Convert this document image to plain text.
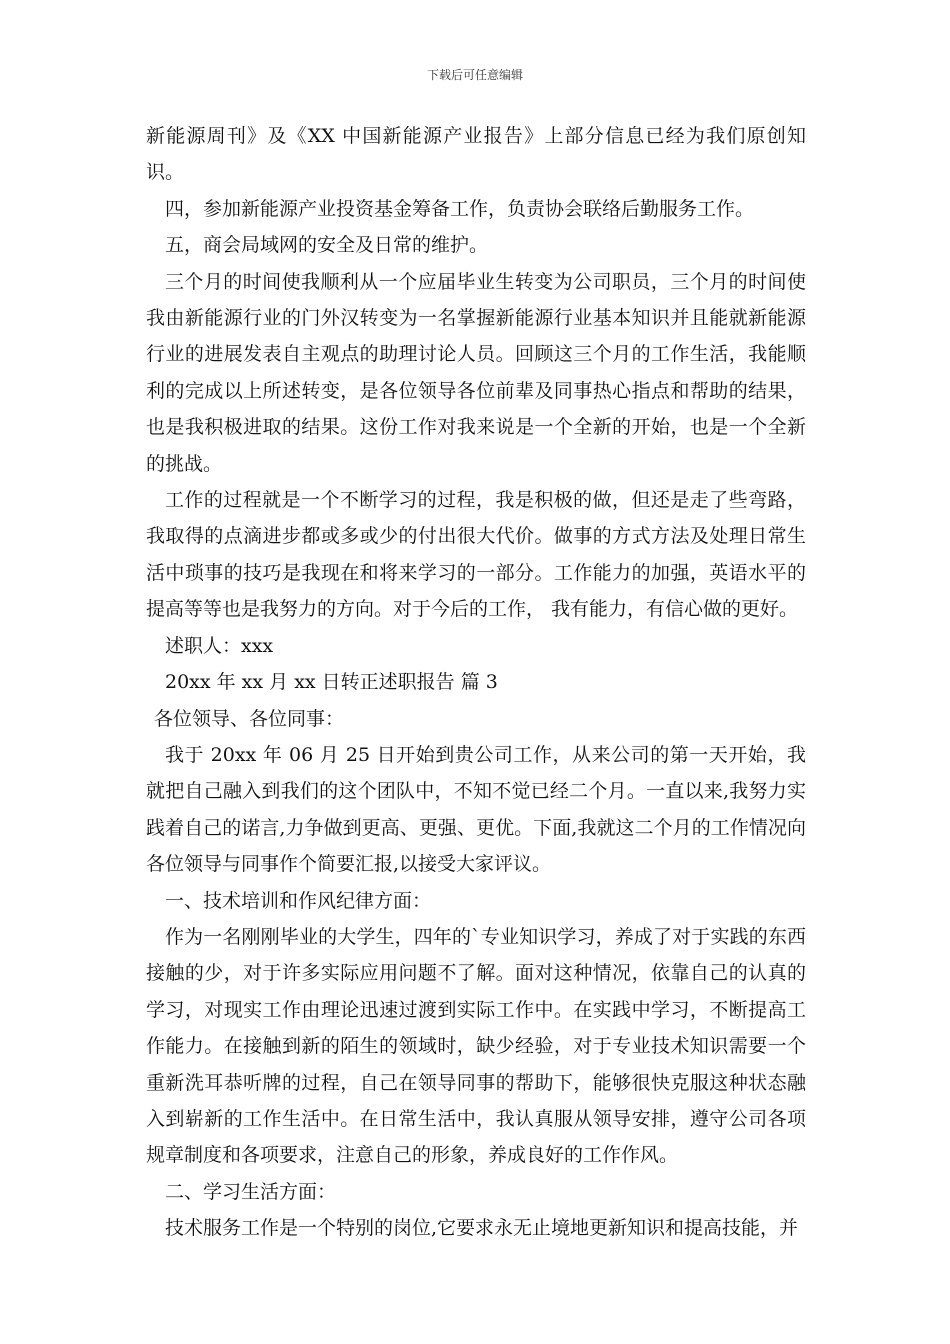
下载后可任意编辑

新能源周刊》及《XX 中国新能源产业报告》上部分信息已经为我们原创知识。

四，参加新能源产业投资基金筹备工作，负责协会联络后勤服务工作。

五，商会局域网的安全及日常的维护。

三个月的时间使我顺利从一个应届毕业生转变为公司职员，三个月的时间使我由新能源行业的门外汉转变为一名掌握新能源行业基本知识并且能就新能源行业的进展发表自主观点的助理讨论人员。回顾这三个月的工作生活，我能顺利的完成以上所述转变，是各位领导各位前辈及同事热心指点和帮助的结果，也是我积极进取的结果。这份工作对我来说是一个全新的开始，也是一个全新的挑战。

工作的过程就是一个不断学习的过程，我是积极的做，但还是走了些弯路，我取得的点滴进步都或多或少的付出很大代价。做事的方式方法及处理日常生活中琐事的技巧是我现在和将来学习的一部分。工作能力的加强，英语水平的提高等等也是我努力的方向。对于今后的工作， 我有能力，有信心做的更好。

述职人：xxx

20xx 年 xx 月 xx 日转正述职报告 篇 3

各位领导、各位同事：

我于 20xx 年 06 月 25 日开始到贵公司工作，从来公司的第一天开始，我就把自己融入到我们的这个团队中，不知不觉已经二个月。一直以来,我努力实践着自己的诺言,力争做到更高、更强、更优。下面,我就这二个月的工作情况向各位领导与同事作个简要汇报,以接受大家评议。

一、技术培训和作风纪律方面：

作为一名刚刚毕业的大学生，四年的`专业知识学习，养成了对于实践的东西接触的少，对于许多实际应用问题不了解。面对这种情况，依靠自己的认真的学习，对现实工作由理论迅速过渡到实际工作中。在实践中学习，不断提高工作能力。在接触到新的陌生的领域时，缺少经验，对于专业技术知识需要一个重新洗耳恭听牌的过程，自己在领导同事的帮助下，能够很快克服这种状态融入到崭新的工作生活中。在日常生活中，我认真服从领导安排，遵守公司各项规章制度和各项要求，注意自己的形象，养成良好的工作作风。

二、学习生活方面：

技术服务工作是一个特别的岗位,它要求永无止境地更新知识和提高技能，并
